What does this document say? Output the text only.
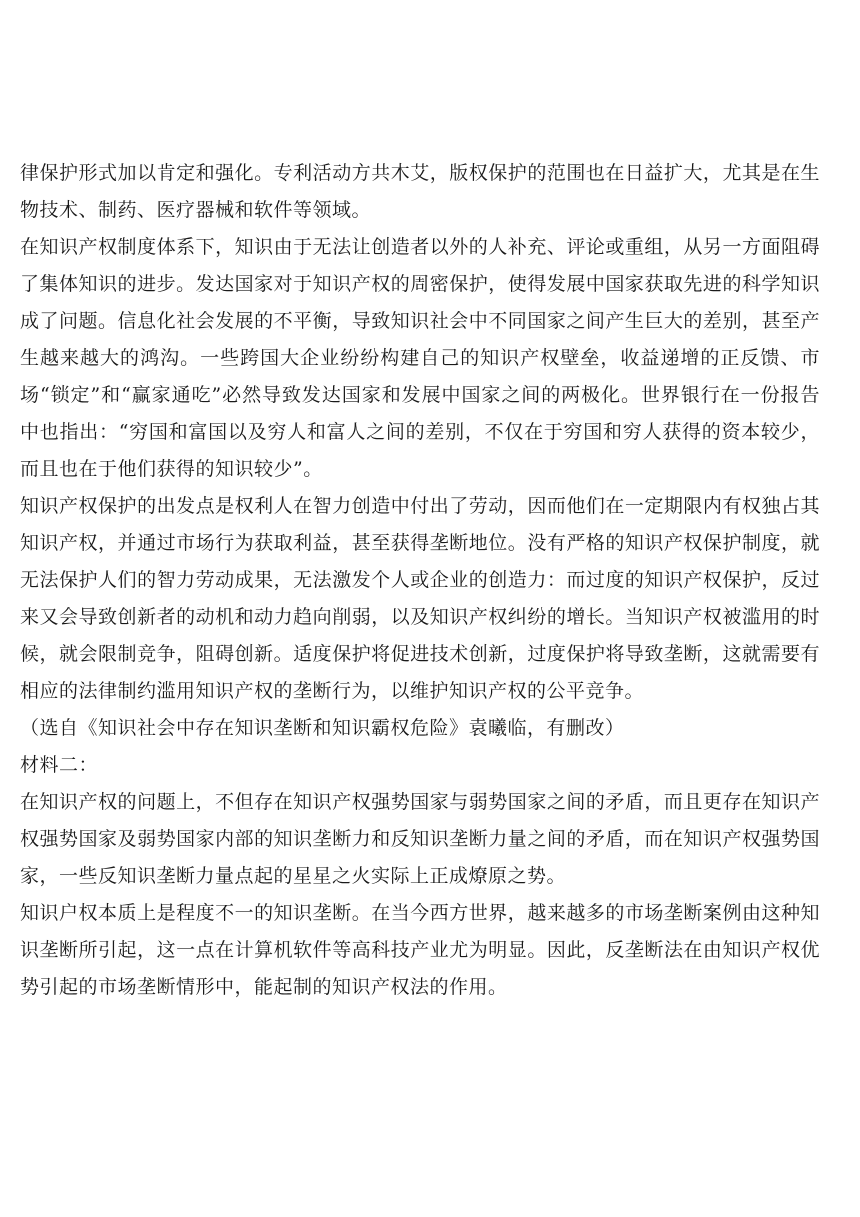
律保护形式加以肯定和强化。专利活动方共木艾，版权保护的范围也在日益扩大，尤其是在生物技术、制药、医疗器械和软件等领域。

在知识产权制度体系下，知识由于无法让创造者以外的人补充、评论或重组，从另一方面阻碍了集体知识的进步。发达国家对于知识产权的周密保护，使得发展中国家获取先进的科学知识成了问题。信息化社会发展的不平衡，导致知识社会中不同国家之间产生巨大的差别，甚至产生越来越大的鸿沟。一些跨国大企业纷纷构建自己的知识产权壁垒，收益递增的正反馈、市场“锁定”和“赢家通吃”必然导致发达国家和发展中国家之间的两极化。世界银行在一份报告中也指出：“穷国和富国以及穷人和富人之间的差别，不仅在于穷国和穷人获得的资本较少，而且也在于他们获得的知识较少”。

知识产权保护的出发点是权利人在智力创造中付出了劳动，因而他们在一定期限内有权独占其知识产权，并通过市场行为获取利益，甚至获得垄断地位。没有严格的知识产权保护制度，就无法保护人们的智力劳动成果，无法激发个人或企业的创造力：而过度的知识产权保护，反过来又会导致创新者的动机和动力趋向削弱，以及知识产权纠纷的增长。当知识产权被滥用的时候，就会限制竞争，阻碍创新。适度保护将促进技术创新，过度保护将导致垄断，这就需要有相应的法律制约滥用知识产权的垄断行为，以维护知识产权的公平竞争。

（选自《知识社会中存在知识垄断和知识霸权危险》袁曦临，有删改）

材料二：

在知识产权的问题上，不但存在知识产权强势国家与弱势国家之间的矛盾，而且更存在知识产权强势国家及弱势国家内部的知识垄断力和反知识垄断力量之间的矛盾，而在知识产权强势国家，一些反知识垄断力量点起的星星之火实际上正成燎原之势。

知识户权本质上是程度不一的知识垄断。在当今西方世界，越来越多的市场垄断案例由这种知识垄断所引起，这一点在计算机软件等高科技产业尤为明显。因此，反垄断法在由知识产权优势引起的市场垄断情形中，能起制的知识产权法的作用。
